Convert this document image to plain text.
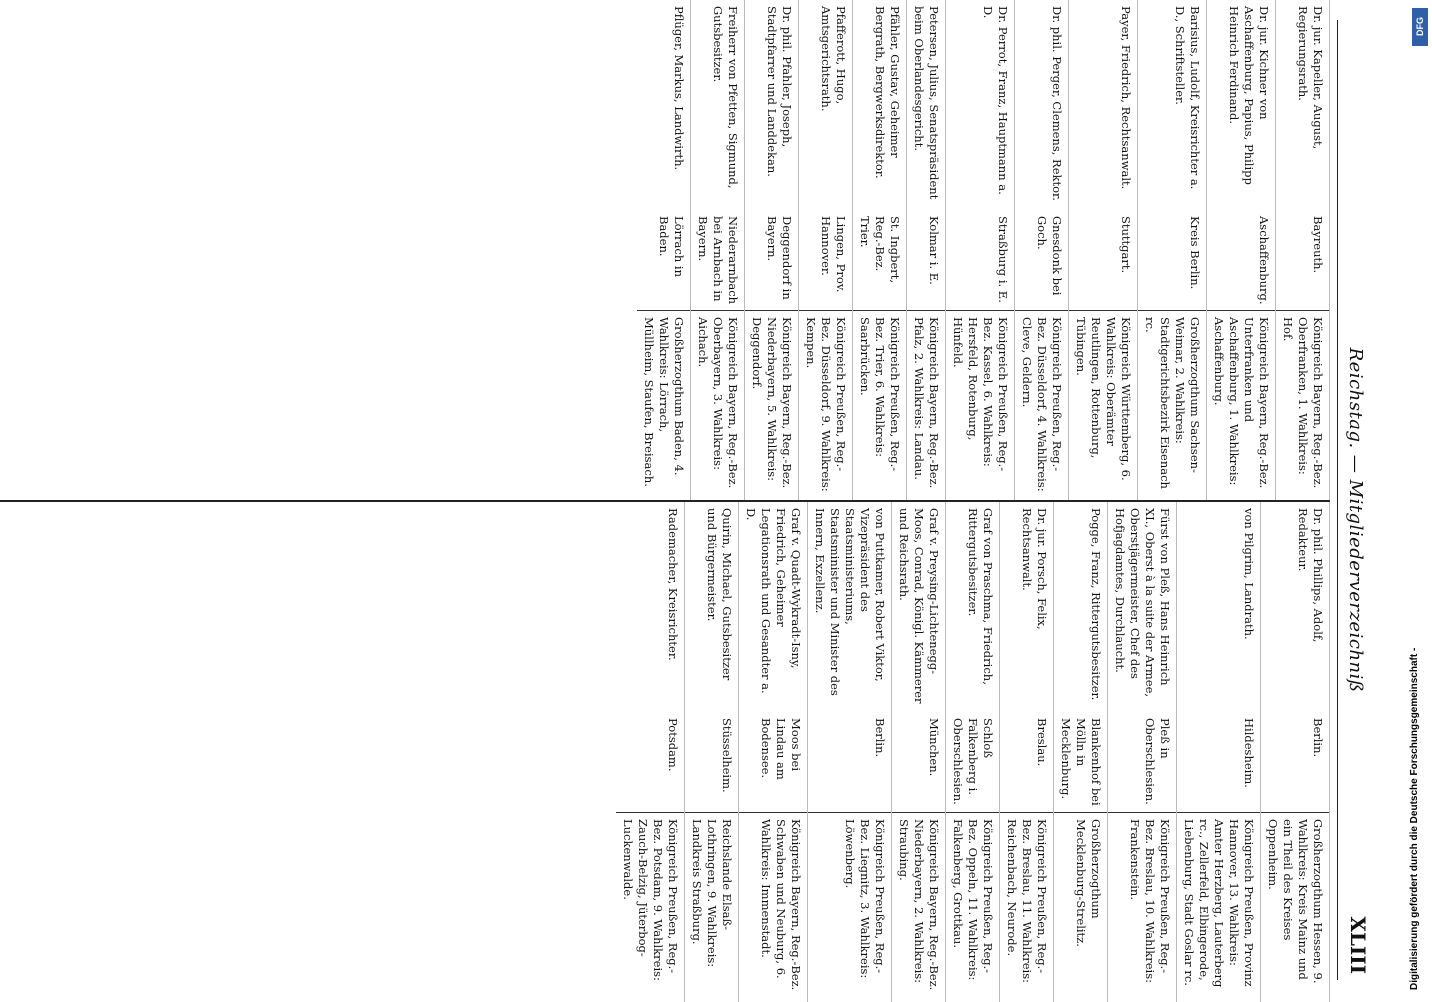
Reichstag. — Mitgliederverzeichniß
XLIII
Dr. jur. Kapeller, August, Regierungsrath.
Bayreuth.
Königreich Bayern, Reg.-Bez. Oberfranken, 1. Wahlkreis: Hof.
Dr. jur. Kichner von Aschaffenburg, Papius, Philipp Heinrich Ferdinand.
Aschaffenburg.
Königreich Bayern, Reg.-Bez. Unterfranken und Aschaffenburg, 1. Wahlkreis: Aschaffenburg.
Barisius, Ludolf, Kreisrichter a. D., Schriftsteller.
Kreis Berlin.
Großherzogthum Sachsen-Weimar, 2. Wahlkreis: Stadtgerichtsbezirk Eisenach rc.
Payer, Friedrich, Rechtsanwalt.
Stuttgart.
Königreich Württemberg, 6. Wahlkreis: Oberämter Reutlingen, Rottenburg, Tübingen.
Dr. phil. Perger, Clemens, Rektor.
Gnesdonk bei Goch.
Königreich Preußen, Reg.-Bez. Düsseldorf, 4. Wahlkreis: Cleve, Geldern.
Dr. Perrot, Franz, Hauptmann a. D.
Straßburg i. E.
Königreich Preußen, Reg.-Bez. Kassel, 6. Wahlkreis: Hersfeld, Rotenburg, Hünfeld.
Petersen, Julius, Senatspräsident beim Oberlandesgericht.
Kolmar i. E.
Königreich Bayern, Reg.-Bez. Pfalz, 2. Wahlkreis: Landau.
Pfähler, Gustav, Geheimer Bergrath, Bergwerksdirektor.
St. Ingbert, Reg.-Bez. Trier.
Königreich Preußen, Reg.-Bez. Trier, 6. Wahlkreis: Saarbrücken.
Pfafferott, Hugo, Amtsgerichtsrath.
Lingen, Prov. Hannover.
Königreich Preußen, Reg.-Bez. Düsseldorf, 9. Wahlkreis: Kempen.
Dr. phil. Pfahler, Joseph, Stadtpfarrer und Landdekan.
Deggendorf in Bayern.
Königreich Bayern, Reg.-Bez. Niederbayern, 5. Wahlkreis: Deggendorf.
Freiherr von Pfetten, Sigmund, Gutsbesitzer.
Niederarnbach bei Arnbach in Bayern.
Königreich Bayern, Reg.-Bez. Oberbayern, 3. Wahlkreis: Aichach.
Pflüger, Markus, Landwirth.
Lörrach in Baden.
Großherzogthum Baden, 4. Wahlkreis: Lörrach, Müllheim, Staufen, Breisach.
Dr. phil. Phillips, Adolf, Redakteur.
Berlin.
Großherzogthum Hessen, 9. Wahlkreis: Kreis Mainz und ein Theil des Kreises Oppenheim.
von Pilgrim, Landrath.
Hildesheim.
Königreich Preußen, Provinz Hannover, 13. Wahlkreis: Amter Herzberg, Lauterberg rc., Zellerfeld, Elbingerode, Liebenburg, Stadt Goslar rc.
Fürst von Pleß, Hans Heinrich XI., Oberst à la suite der Armee, Oberstjägermeister, Chef des Hofjagdamtes, Durchlaucht.
Pleß in Oberschlesien.
Königreich Preußen, Reg.-Bez. Breslau, 10. Wahlkreis: Frankenstein.
Pogge, Franz, Rittergutsbesitzer.
Blankenhof bei Mölln in Mecklenburg.
Großherzogthum Mecklenburg-Strelitz.
Dr. jur. Porsch, Felix, Rechtsanwalt.
Breslau.
Königreich Preußen, Reg.-Bez. Breslau, 11. Wahlkreis: Reichenbach, Neurode.
Graf von Praschma, Friedrich, Rittergutsbesitzer.
Schloß Falkenberg i. Oberschlesien.
Königreich Preußen, Reg.-Bez. Oppeln, 11. Wahlkreis: Falkenberg, Grottkau.
Graf v. Preysing-Lichtenegg-Moos, Conrad, Königl. Kämmerer und Reichsrath.
München.
Königreich Bayern, Reg.-Bez. Niederbayern, 2. Wahlkreis: Straubing.
von Puttkamer, Robert Viktor, Vizepräsident des Staatsministeriums, Staatsminister und Minister des Innern, Exzellenz.
Berlin.
Königreich Preußen, Reg.-Bez. Liegnitz, 3. Wahlkreis: Löwenberg.
Graf v. Quadt-Wykradt-Isny, Friedrich, Geheimer Legationsrath und Gesandter a. D.
Moos bei Lindau am Bodensee.
Königreich Bayern, Reg.-Bez. Schwaben und Neuburg, 6. Wahlkreis: Immenstadt.
Quirin, Michael, Gutsbesitzer und Bürgermeister.
Stüsselheim.
Reichslande Elsaß-Lothringen, 9. Wahlkreis: Landkreis Straßburg.
Rademacher, Kreisrichter.
Potsdam.
Königreich Preußen, Reg.-Bez. Potsdam, 9. Wahlkreis: Zauch-Belzig, Jüterbog-Luckenwalde.
DFG
Digitalisierung gefördert durch die Deutsche Forschungsgemeinschaft -
